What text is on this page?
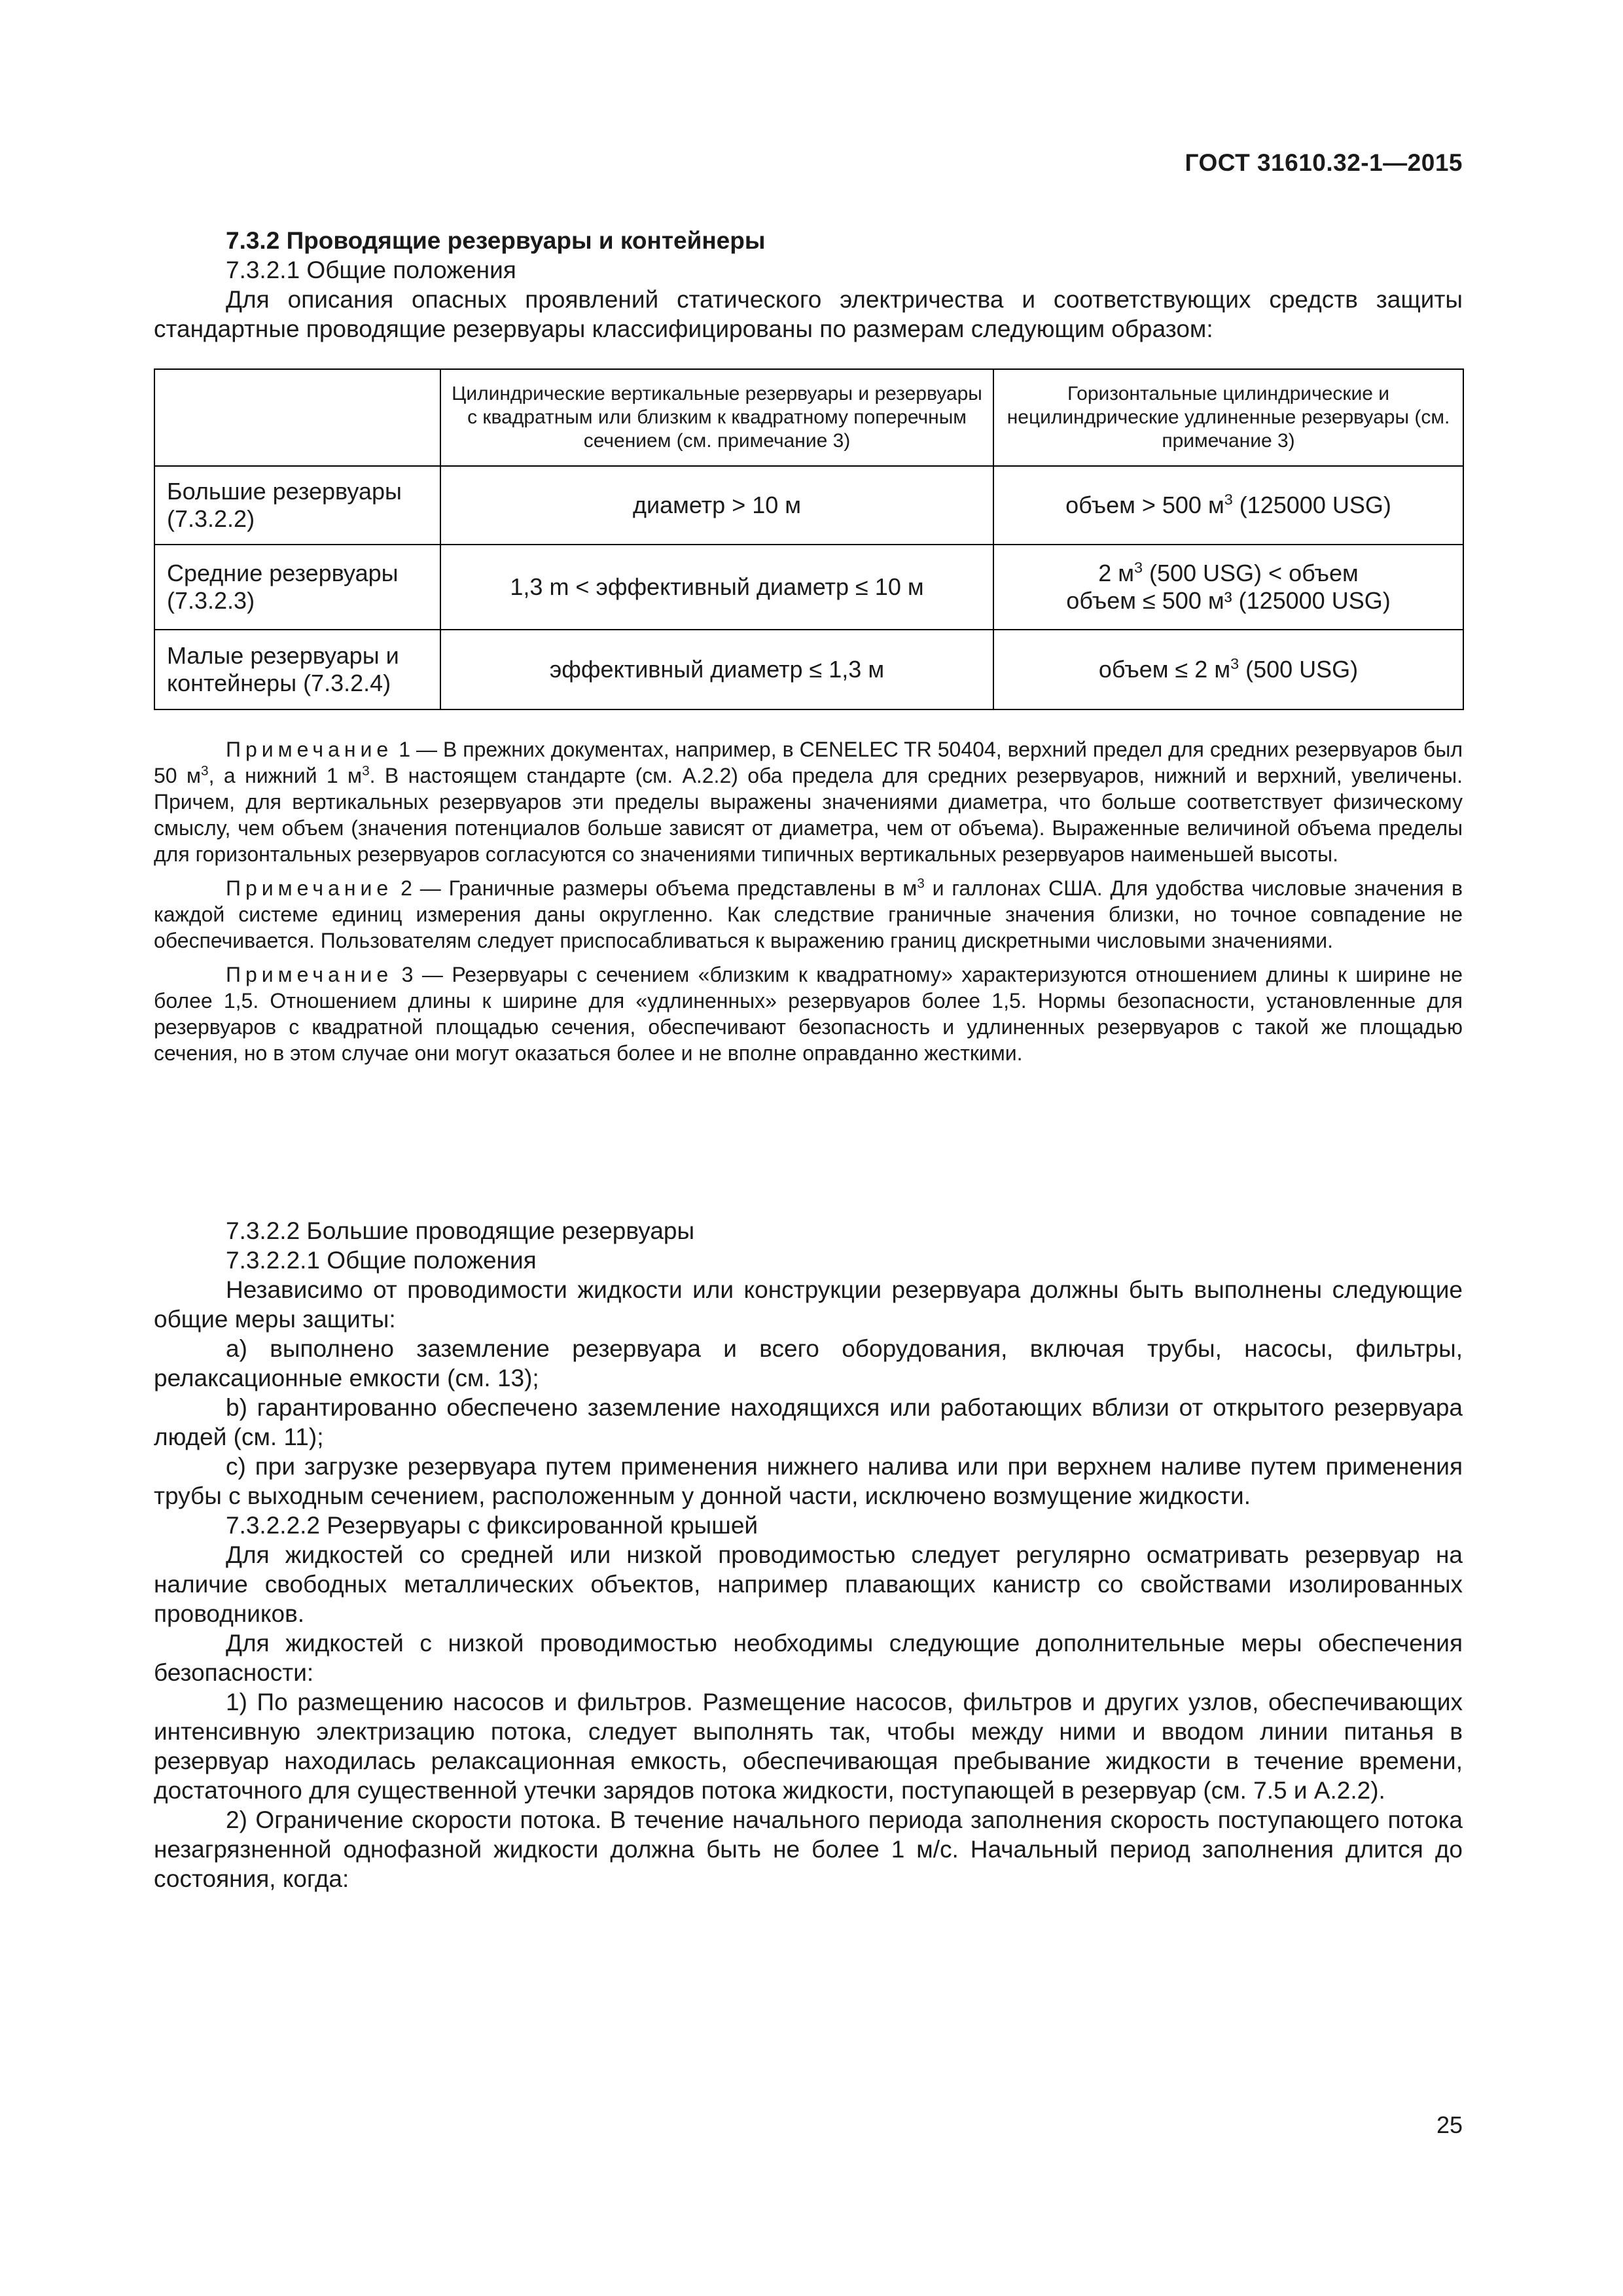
ГОСТ 31610.32-1—2015

7.3.2 Проводящие резервуары и контейнеры

7.3.2.1 Общие положения

Для описания опасных проявлений статического электричества и соответствующих средств защиты стандартные проводящие резервуары классифицированы по размерам следующим образом:

	Цилиндрические вертикальные резервуары и резервуары с квадратным или близким к квадратному поперечным сечением (см. примечание 3)	Горизонтальные цилиндрические и нецилиндрические удлиненные резервуары (см. примечание 3)
Большие резервуары (7.3.2.2)	диаметр > 10 м	объем > 500 $м^3$ (125000 USG)
Средние резервуары (7.3.2.3)	1,3 m < эффективный диаметр ≤ 10 м	2 $м^3$ (500 USG) < объем
объем ≤ 500 м³ (125000 USG)

Малые резервуары и контейнеры (7.3.2.4)	эффективный диаметр ≤ 1,3 м	объем ≤ 2 $м^3$ (500 USG)

Примечание 1 — В прежних документах, например, в CENELEC TR 50404, верхний предел для средних резервуаров был 50 $м^3$, а нижний 1 $м^3$. В настоящем стандарте (см. А.2.2) оба предела для средних резервуаров, нижний и верхний, увеличены. Причем, для вертикальных резервуаров эти пределы выражены значениями диаметра, что больше соответствует физическому смыслу, чем объем (значения потенциалов больше зависят от диаметра, чем от объема). Выраженные величиной объема пределы для горизонтальных резервуаров согласуются со значениями типичных вертикальных резервуаров наименьшей высоты.

Примечание 2 — Граничные размеры объема представлены в $м^3$ и галлонах США. Для удобства числовые значения в каждой системе единиц измерения даны округленно. Как следствие граничные значения близки, но точное совпадение не обеспечивается. Пользователям следует приспосабливаться к выражению границ дискретными числовыми значениями.

Примечание 3 — Резервуары с сечением «близким к квадратному» характеризуются отношением длины к ширине не более 1,5. Отношением длины к ширине для «удлиненных» резервуаров более 1,5. Нормы безопасности, установленные для резервуаров с квадратной площадью сечения, обеспечивают безопасность и удлиненных резервуаров с такой же площадью сечения, но в этом случае они могут оказаться более и не вполне оправданно жесткими.

7.3.2.2 Большие проводящие резервуары

7.3.2.2.1 Общие положения

Независимо от проводимости жидкости или конструкции резервуара должны быть выполнены следующие общие меры защиты:

а) выполнено заземление резервуара и всего оборудования, включая трубы, насосы, фильтры, релаксационные емкости (см. 13);

b) гарантированно обеспечено заземление находящихся или работающих вблизи от открытого резервуара людей (см. 11);

c) при загрузке резервуара путем применения нижнего налива или при верхнем наливе путем применения трубы с выходным сечением, расположенным у донной части, исключено возмущение жидкости.

7.3.2.2.2 Резервуары с фиксированной крышей

Для жидкостей со средней или низкой проводимостью следует регулярно осматривать резервуар на наличие свободных металлических объектов, например плавающих канистр со свойствами изолированных проводников.

Для жидкостей с низкой проводимостью необходимы следующие дополнительные меры обеспечения безопасности:

1) По размещению насосов и фильтров. Размещение насосов, фильтров и других узлов, обеспечивающих интенсивную электризацию потока, следует выполнять так, чтобы между ними и вводом линии питанья в резервуар находилась релаксационная емкость, обеспечивающая пребывание жидкости в течение времени, достаточного для существенной утечки зарядов потока жидкости, поступающей в резервуар (см. 7.5 и А.2.2).

2) Ограничение скорости потока. В течение начального периода заполнения скорость поступающего потока незагрязненной однофазной жидкости должна быть не более 1 м/с. Начальный период заполнения длится до состояния, когда:

25
